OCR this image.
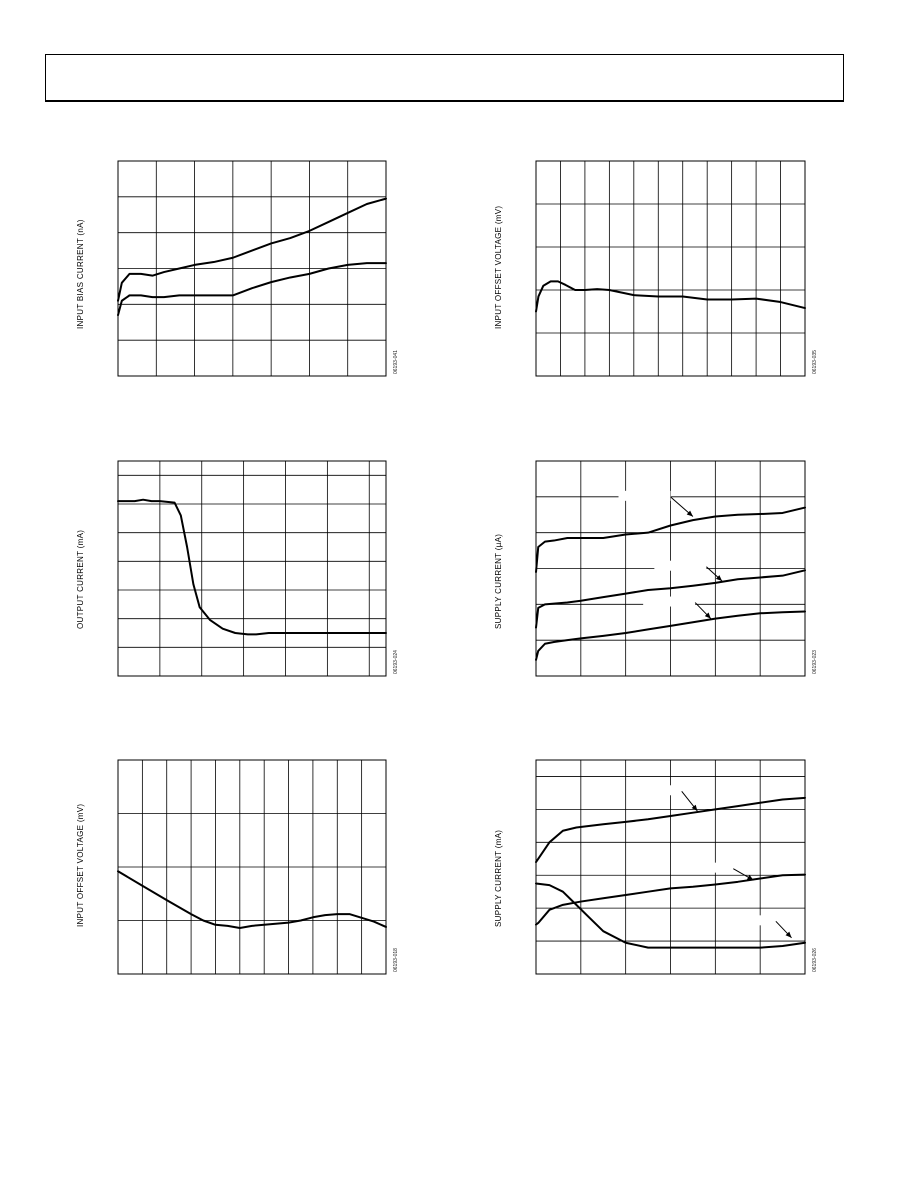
INPUT BIAS CURRENT (nA)
06193-041
INPUT OFFSET VOLTAGE (mV)
06193-035
OUTPUT CURRENT (mA)
06193-024
SUPPLY CURRENT (µA)
06193-023
INPUT OFFSET VOLTAGE (mV)
06193-018
SUPPLY CURRENT (mA)
06193-026
